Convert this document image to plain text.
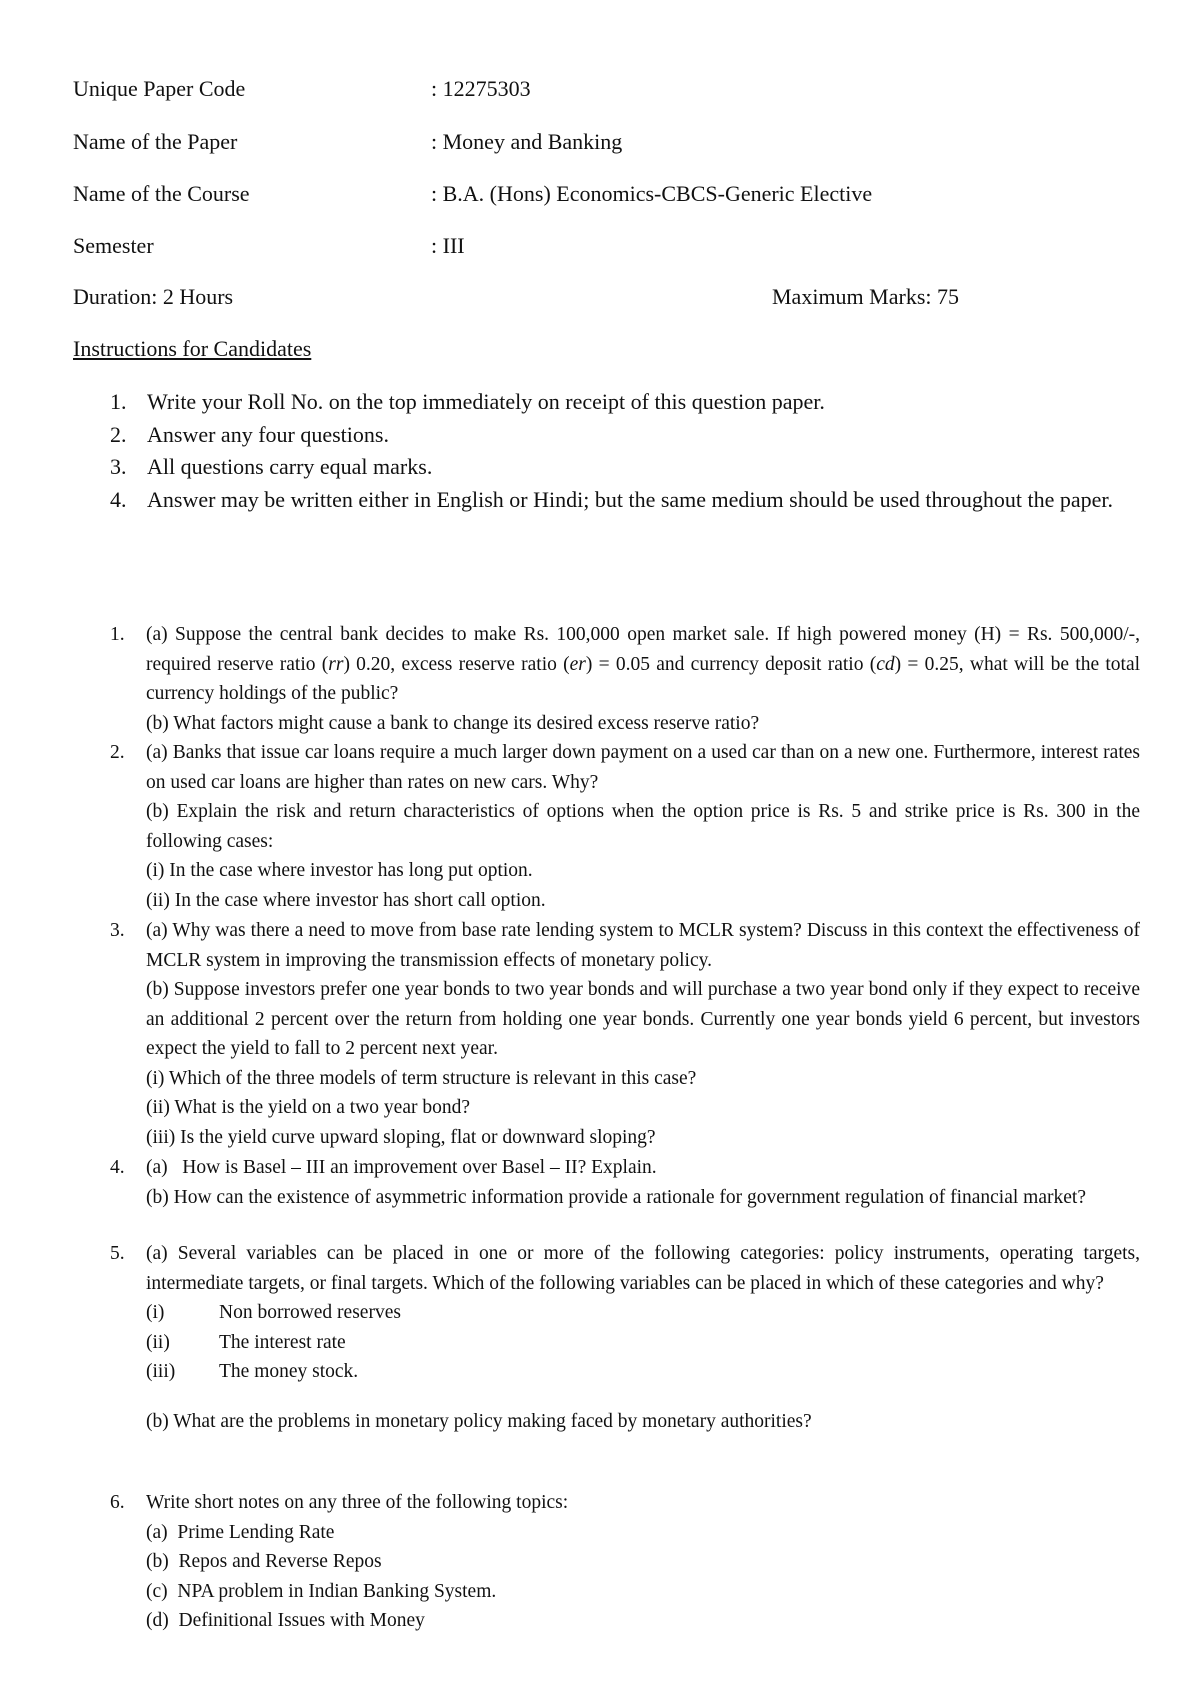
Unique Paper Code	: 12275303
Name of the Paper	: Money and Banking
Name of the Course	: B.A. (Hons) Economics-CBCS-Generic Elective
Semester	: III
Duration: 2 Hours	Maximum Marks: 75
Instructions for Candidates
1. Write your Roll No. on the top immediately on receipt of this question paper.
2. Answer any four questions.
3. All questions carry equal marks.
4. Answer may be written either in English or Hindi; but the same medium should be used throughout the paper.
1. (a) Suppose the central bank decides to make Rs. 100,000 open market sale. If high powered money (H) = Rs. 500,000/-, required reserve ratio (rr) 0.20, excess reserve ratio (er) = 0.05 and currency deposit ratio (cd) = 0.25, what will be the total currency holdings of the public?

(b) What factors might cause a bank to change its desired excess reserve ratio?

2. (a) Banks that issue car loans require a much larger down payment on a used car than on a new one. Furthermore, interest rates on used car loans are higher than rates on new cars. Why?

(b) Explain the risk and return characteristics of options when the option price is Rs. 5 and strike price is Rs. 300 in the following cases:

(i) In the case where investor has long put option.

(ii) In the case where investor has short call option.

3. (a) Why was there a need to move from base rate lending system to MCLR system? Discuss in this context the effectiveness of MCLR system in improving the transmission effects of monetary policy.

(b) Suppose investors prefer one year bonds to two year bonds and will purchase a two year bond only if they expect to receive an additional 2 percent over the return from holding one year bonds. Currently one year bonds yield 6 percent, but investors expect the yield to fall to 2 percent next year.

(i) Which of the three models of term structure is relevant in this case?

(ii) What is the yield on a two year bond?

(iii) Is the yield curve upward sloping, flat or downward sloping?

4. (a)   How is Basel – III an improvement over Basel – II? Explain.

(b) How can the existence of asymmetric information provide a rationale for government regulation of financial market?

5. (a) Several variables can be placed in one or more of the following categories: policy instruments, operating targets, intermediate targets, or final targets. Which of the following variables can be placed in which of these categories and why?

(i)	Non borrowed reserves
(ii)	The interest rate
(iii) The money stock.

(b) What are the problems in monetary policy making faced by monetary authorities?

6. Write short notes on any three of the following topics:

(a)  Prime Lending Rate

(b)  Repos and Reverse Repos

(c)  NPA problem in Indian Banking System.

(d)  Definitional Issues with Money
